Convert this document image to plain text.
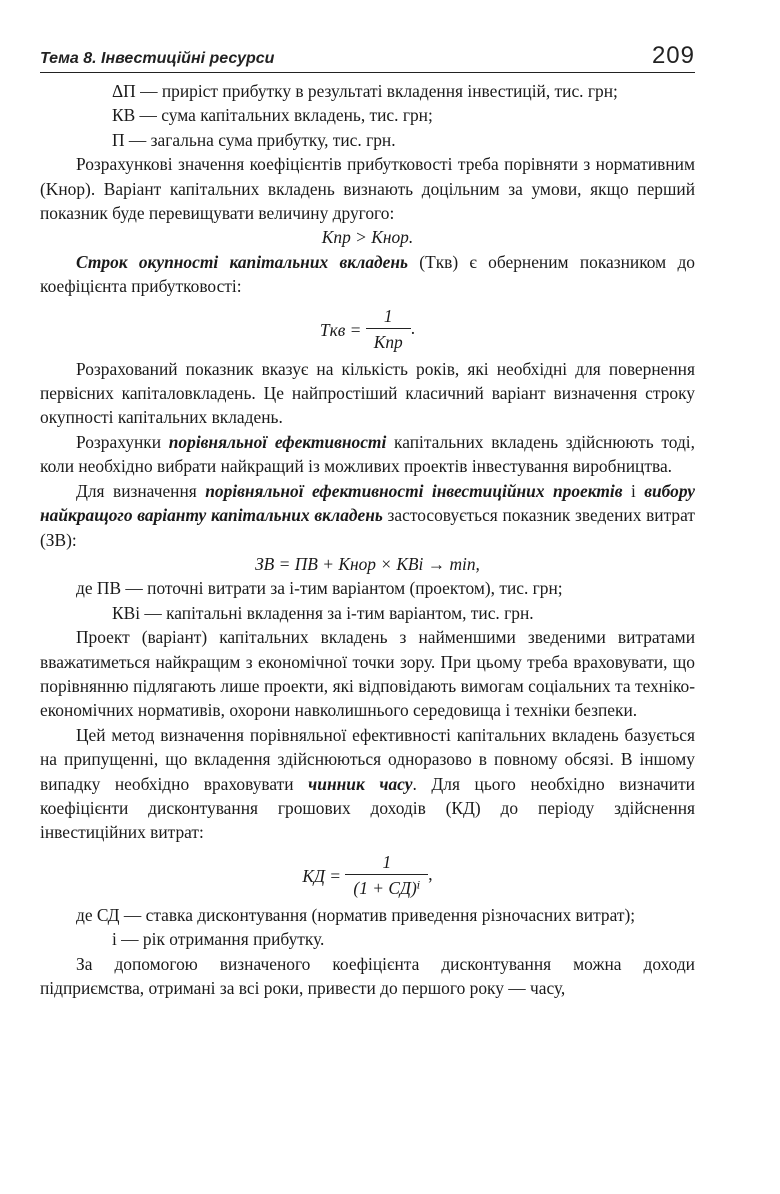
Тема 8. Інвестиційні ресурси	209

ΔП — приріст прибутку в результаті вкладення інвестицій, тис. грн;

КВ — сума капітальних вкладень, тис. грн;

П — загальна сума прибутку, тис. грн.

Розрахункові значення коефіцієнтів прибутковості треба порівняти з нормативним (Kнор). Варіант капітальних вкладень визнають доцільним за умови, якщо перший показник буде перевищувати величину другого:

Kпр > Kнор.

Строк окупності капітальних вкладень (Tкв) є оберненим показником до коефіцієнта прибутковості:

Tкв = $\frac{1}{\text{Kпр}}$ .

Розрахований показник вказує на кількість років, які необхідні для повернення первісних капіталовкладень. Це найпростіший класичний варіант визначення строку окупності капітальних вкладень.

Розрахунки порівняльної ефективності капітальних вкладень здійснюють тоді, коли необхідно вибрати найкращий із можливих проектів інвестування виробництва.

Для визначення порівняльної ефективності інвестиційних проектів і вибору найкращого варіанту капітальних вкладень застосовується показник зведених витрат (ЗВ):

ЗВ = ПВ + Kнор × КВi → min,

де ПВ — поточні витрати за i-тим варіантом (проектом), тис. грн;

КВi — капітальні вкладення за i-тим варіантом, тис. грн.

Проект (варіант) капітальних вкладень з найменшими зведеними витратами вважатиметься найкращим з економічної точки зору. При цьому треба враховувати, що порівнянню підлягають лише проекти, які відповідають вимогам соціальних та техніко-економічних нормативів, охорони навколишнього середовища і техніки безпеки.

Цей метод визначення порівняльної ефективності капітальних вкладень базується на припущенні, що вкладення здійснюються одноразово в повному обсязі. В іншому випадку необхідно враховувати чинник часу. Для цього необхідно визначити коефіцієнти дисконтування грошових доходів (КД) до періоду здійснення інвестиційних витрат:

КД = $\frac{1}{\text{(1 + СД)ⁱ}}$ ,

де СД — ставка дисконтування (норматив приведення різночасних витрат);

i — рік отримання прибутку.

За допомогою визначеного коефіцієнта дисконтування можна доходи підприємства, отримані за всі роки, привести до першого року — часу,
